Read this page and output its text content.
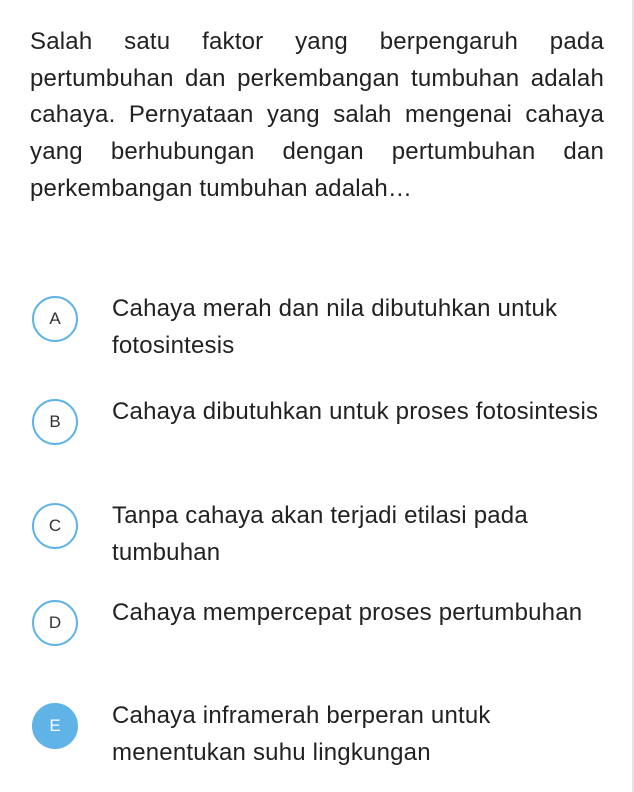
Salah satu faktor yang berpengaruh pada pertumbuhan dan perkembangan tumbuhan adalah cahaya. Pernyataan yang salah mengenai cahaya yang berhubungan dengan pertumbuhan dan perkembangan tumbuhan adalah…

A	Cahaya merah dan nila dibutuhkan untuk fotosintesis
B	Cahaya dibutuhkan untuk proses fotosintesis
C	Tanpa cahaya akan terjadi etilasi pada tumbuhan
D	Cahaya mempercepat proses pertumbuhan
E	Cahaya inframerah berperan untuk menentukan suhu lingkungan
